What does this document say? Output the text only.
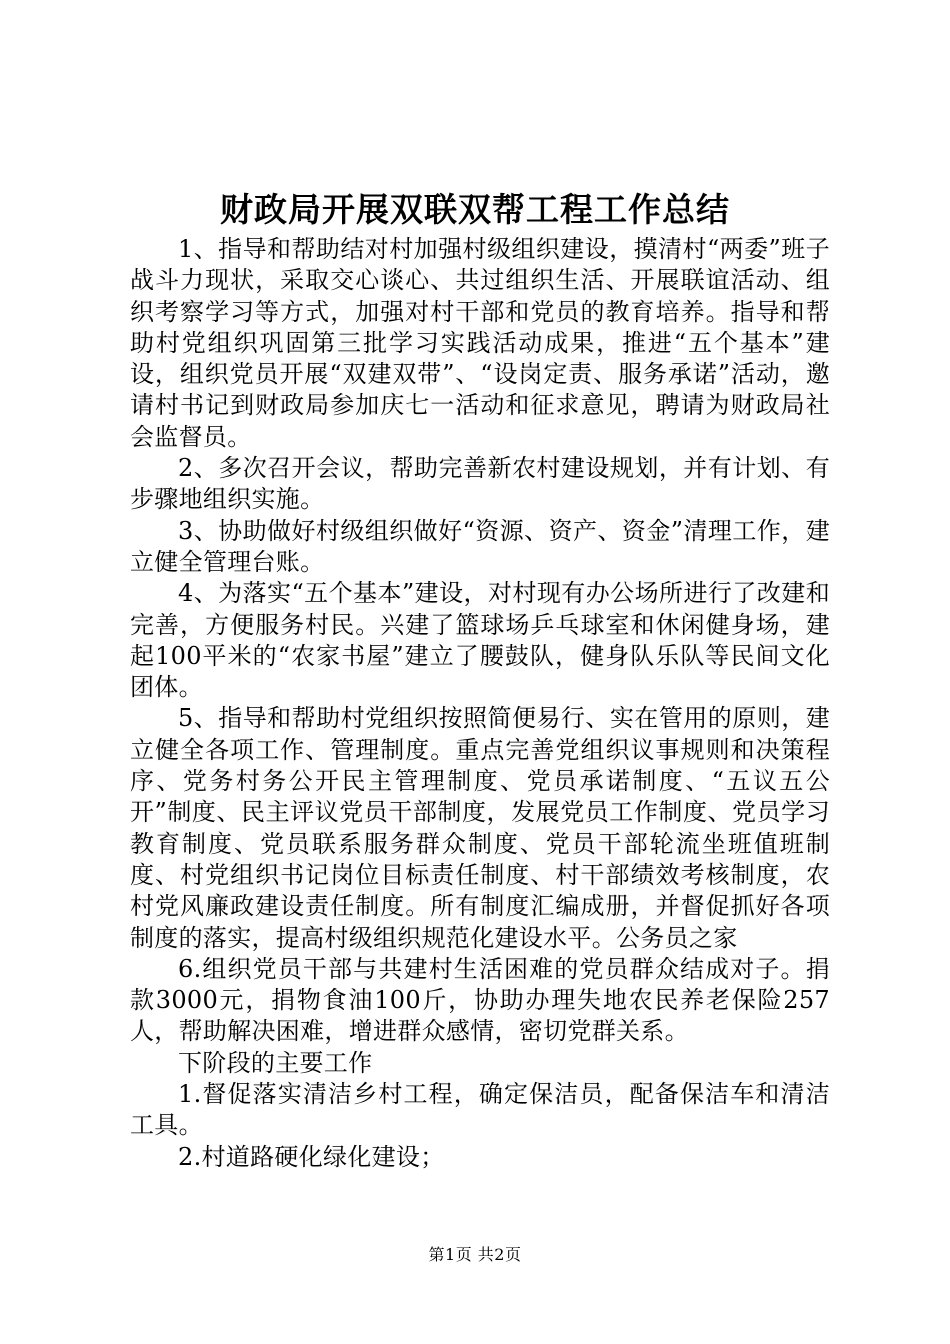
财政局开展双联双帮工程工作总结

1、指导和帮助结对村加强村级组织建设，摸清村“两委”班子战斗力现状，采取交心谈心、共过组织生活、开展联谊活动、组织考察学习等方式，加强对村干部和党员的教育培养。指导和帮助村党组织巩固第三批学习实践活动成果，推进“五个基本”建设，组织党员开展“双建双带”、“设岗定责、服务承诺”活动，邀请村书记到财政局参加庆七一活动和征求意见，聘请为财政局社会监督员。

2、多次召开会议，帮助完善新农村建设规划，并有计划、有步骤地组织实施。

3、协助做好村级组织做好“资源、资产、资金”清理工作，建立健全管理台账。

4、为落实“五个基本”建设，对村现有办公场所进行了改建和完善，方便服务村民。兴建了篮球场乒乓球室和休闲健身场，建起100平米的“农家书屋”建立了腰鼓队，健身队乐队等民间文化团体。

5、指导和帮助村党组织按照简便易行、实在管用的原则，建立健全各项工作、管理制度。重点完善党组织议事规则和决策程序、党务村务公开民主管理制度、党员承诺制度、“五议五公开”制度、民主评议党员干部制度，发展党员工作制度、党员学习教育制度、党员联系服务群众制度、党员干部轮流坐班值班制度、村党组织书记岗位目标责任制度、村干部绩效考核制度，农村党风廉政建设责任制度。所有制度汇编成册，并督促抓好各项制度的落实，提高村级组织规范化建设水平。公务员之家

6.组织党员干部与共建村生活困难的党员群众结成对子。捐款3000元，捐物食油100斤，协助办理失地农民养老保险257人，帮助解决困难，增进群众感情，密切党群关系。

下阶段的主要工作

1.督促落实清洁乡村工程，确定保洁员，配备保洁车和清洁工具。

2.村道路硬化绿化建设；

第1页 共2页
